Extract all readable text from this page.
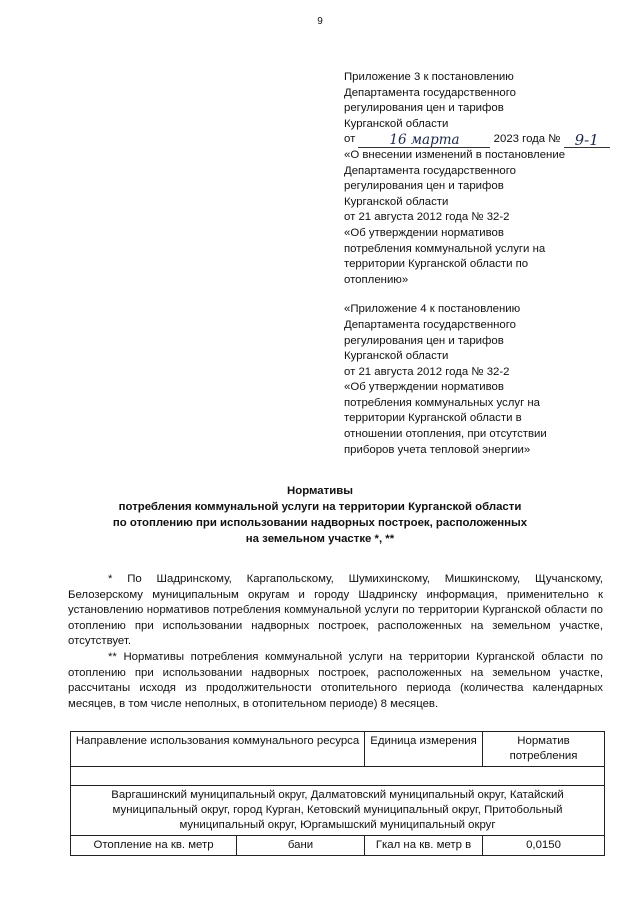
9

Приложение 3 к постановлению

Департамента государственного

регулирования цен и тарифов

Курганской области

от	16 марта	2023 года № 9-1

«О внесении изменений в постановление

Департамента государственного

регулирования цен и тарифов

Курганской области

от 21 августа 2012 года № 32-2

«Об утверждении нормативов

потребления коммунальной услуги на

территории Курганской области по

отоплению»

«Приложение 4 к постановлению

Департамента государственного

регулирования цен и тарифов

Курганской области

от 21 августа 2012 года № 32-2

«Об утверждении нормативов

потребления коммунальных услуг на

территории Курганской области в

отношении отопления, при отсутствии

приборов учета тепловой энергии»

Нормативы

потребления коммунальной услуги на территории Курганской области

по отоплению при использовании надворных построек, расположенных

на земельном участке *, **

* По Шадринскому, Каргапольскому, Шумихинскому, Мишкинскому, Щучанскому, Белозерскому муниципальным округам и городу Шадринску информация, применительно к установлению нормативов потребления коммунальной услуги по территории Курганской области по отоплению при использовании надворных построек, расположенных на земельном участке, отсутствует.

** Нормативы потребления коммунальной услуги на территории Курганской области по отоплению при использовании надворных построек, расположенных на земельном участке, рассчитаны исходя из продолжительности отопительного периода (количества календарных месяцев, в том числе неполных, в отопительном периоде) 8 месяцев.

Направление использования коммунального ресурса		Единица измерения	Норматив потребления

Варгашинский муниципальный округ, Далматовский муниципальный округ, Катайский муниципальный округ, город Курган, Кетовский муниципальный округ, Притобольный муниципальный округ, Юргамышский муниципальный округ			
Отопление на кв. метр	бани	Гкал на кв. метр в	0,0150
